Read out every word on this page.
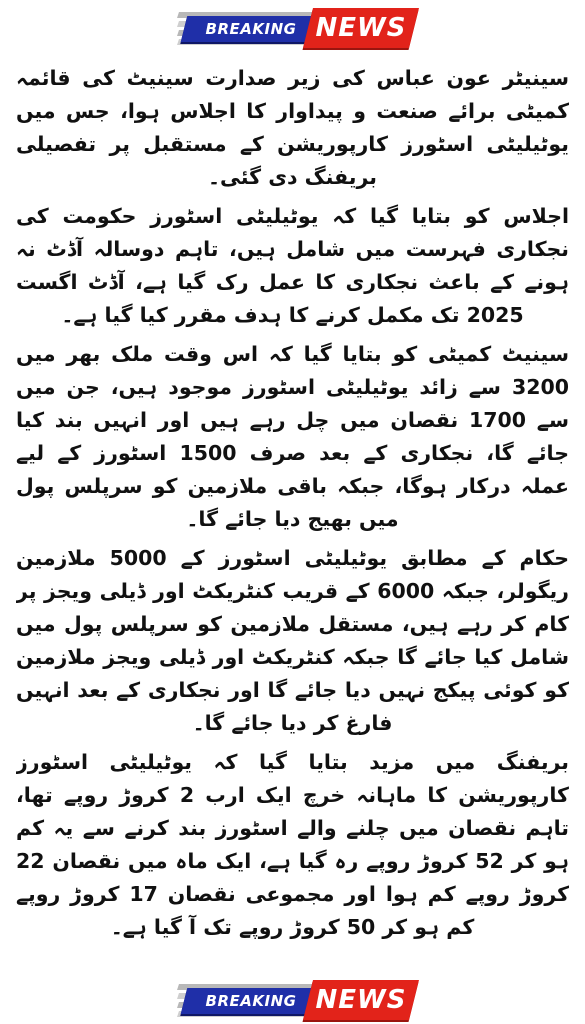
BREAKING NEWS

سینیٹر عون عباس کی زیر صدارت سینیٹ کی قائمہ کمیٹی برائے صنعت و پیداوار کا اجلاس ہوا، جس میں یوٹیلیٹی اسٹورز کارپوریشن کے مستقبل پر تفصیلی بریفنگ دی گئی۔

اجلاس کو بتایا گیا کہ یوٹیلیٹی اسٹورز حکومت کی نجکاری فہرست میں شامل ہیں، تاہم دوسالہ آڈٹ نہ ہونے کے باعث نجکاری کا عمل رک گیا ہے، آڈٹ اگست 2025 تک مکمل کرنے کا ہدف مقرر کیا گیا ہے۔

سینیٹ کمیٹی کو بتایا گیا کہ اس وقت ملک بھر میں 3200 سے زائد یوٹیلیٹی اسٹورز موجود ہیں، جن میں سے 1700 نقصان میں چل رہے ہیں اور انہیں بند کیا جائے گا، نجکاری کے بعد صرف 1500 اسٹورز کے لیے عملہ درکار ہوگا، جبکہ باقی ملازمین کو سرپلس پول میں بھیج دیا جائے گا۔

حکام کے مطابق یوٹیلیٹی اسٹورز کے 5000 ملازمین ریگولر، جبکہ 6000 کے قریب کنٹریکٹ اور ڈیلی ویجز پر کام کر رہے ہیں، مستقل ملازمین کو سرپلس پول میں شامل کیا جائے گا جبکہ کنٹریکٹ اور ڈیلی ویجز ملازمین کو کوئی پیکج نہیں دیا جائے گا اور نجکاری کے بعد انہیں فارغ کر دیا جائے گا۔

بریفنگ میں مزید بتایا گیا کہ یوٹیلیٹی اسٹورز کارپوریشن کا ماہانہ خرچ ایک ارب 2 کروڑ روپے تھا، تاہم نقصان میں چلنے والے اسٹورز بند کرنے سے یہ کم ہو کر 52 کروڑ روپے رہ گیا ہے، ایک ماہ میں نقصان 22 کروڑ روپے کم ہوا اور مجموعی نقصان 17 کروڑ روپے کم ہو کر 50 کروڑ روپے تک آ گیا ہے۔

BREAKING NEWS
